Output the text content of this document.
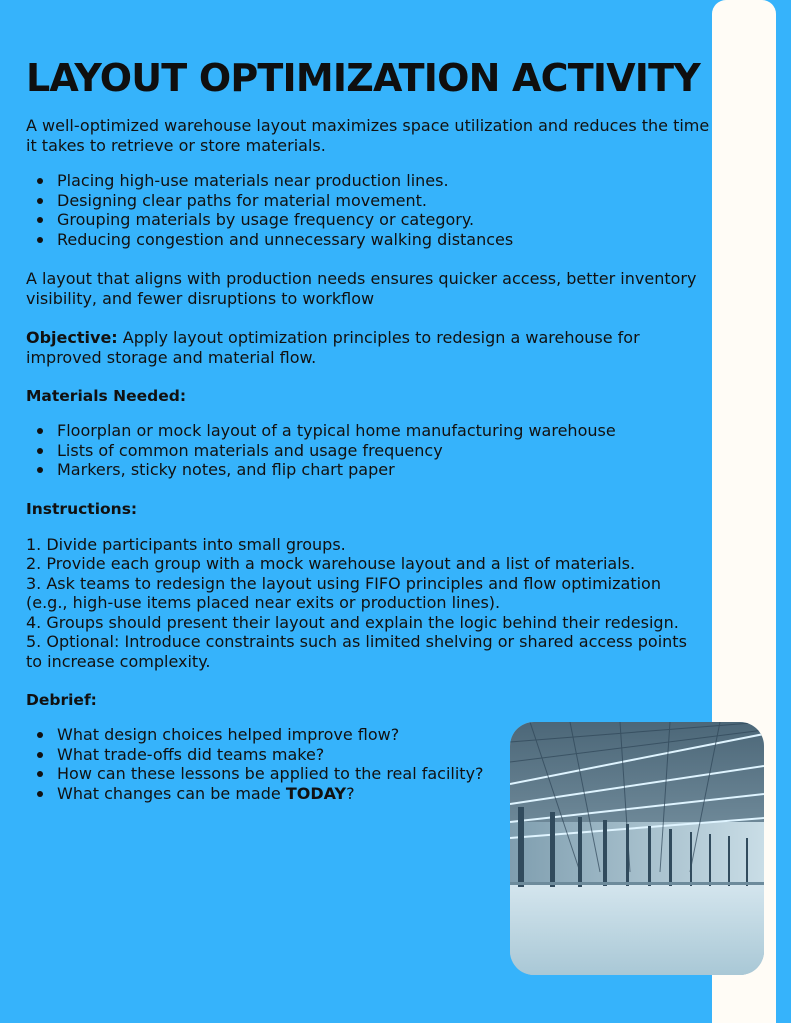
LAYOUT OPTIMIZATION ACTIVITY

A well-optimized warehouse layout maximizes space utilization and reduces the time it takes to retrieve or store materials.

Placing high-use materials near production lines.
Designing clear paths for material movement.
Grouping materials by usage frequency or category.
Reducing congestion and unnecessary walking distances

A layout that aligns with production needs ensures quicker access, better inventory visibility, and fewer disruptions to workflow

Objective: Apply layout optimization principles to redesign a warehouse for improved storage and material flow.

Materials Needed:
Floorplan or mock layout of a typical home manufacturing warehouse
Lists of common materials and usage frequency
Markers, sticky notes, and flip chart paper
Instructions:
1. Divide participants into small groups.
2. Provide each group with a mock warehouse layout and a list of materials.
3. Ask teams to redesign the layout using FIFO principles and flow optimization
(e.g., high-use items placed near exits or production lines).
4. Groups should present their layout and explain the logic behind their redesign.
5. Optional: Introduce constraints such as limited shelving or shared access points
to increase complexity.
Debrief:
What design choices helped improve flow?
What trade-offs did teams make?
How can these lessons be applied to the real facility?
What changes can be made TODAY?
